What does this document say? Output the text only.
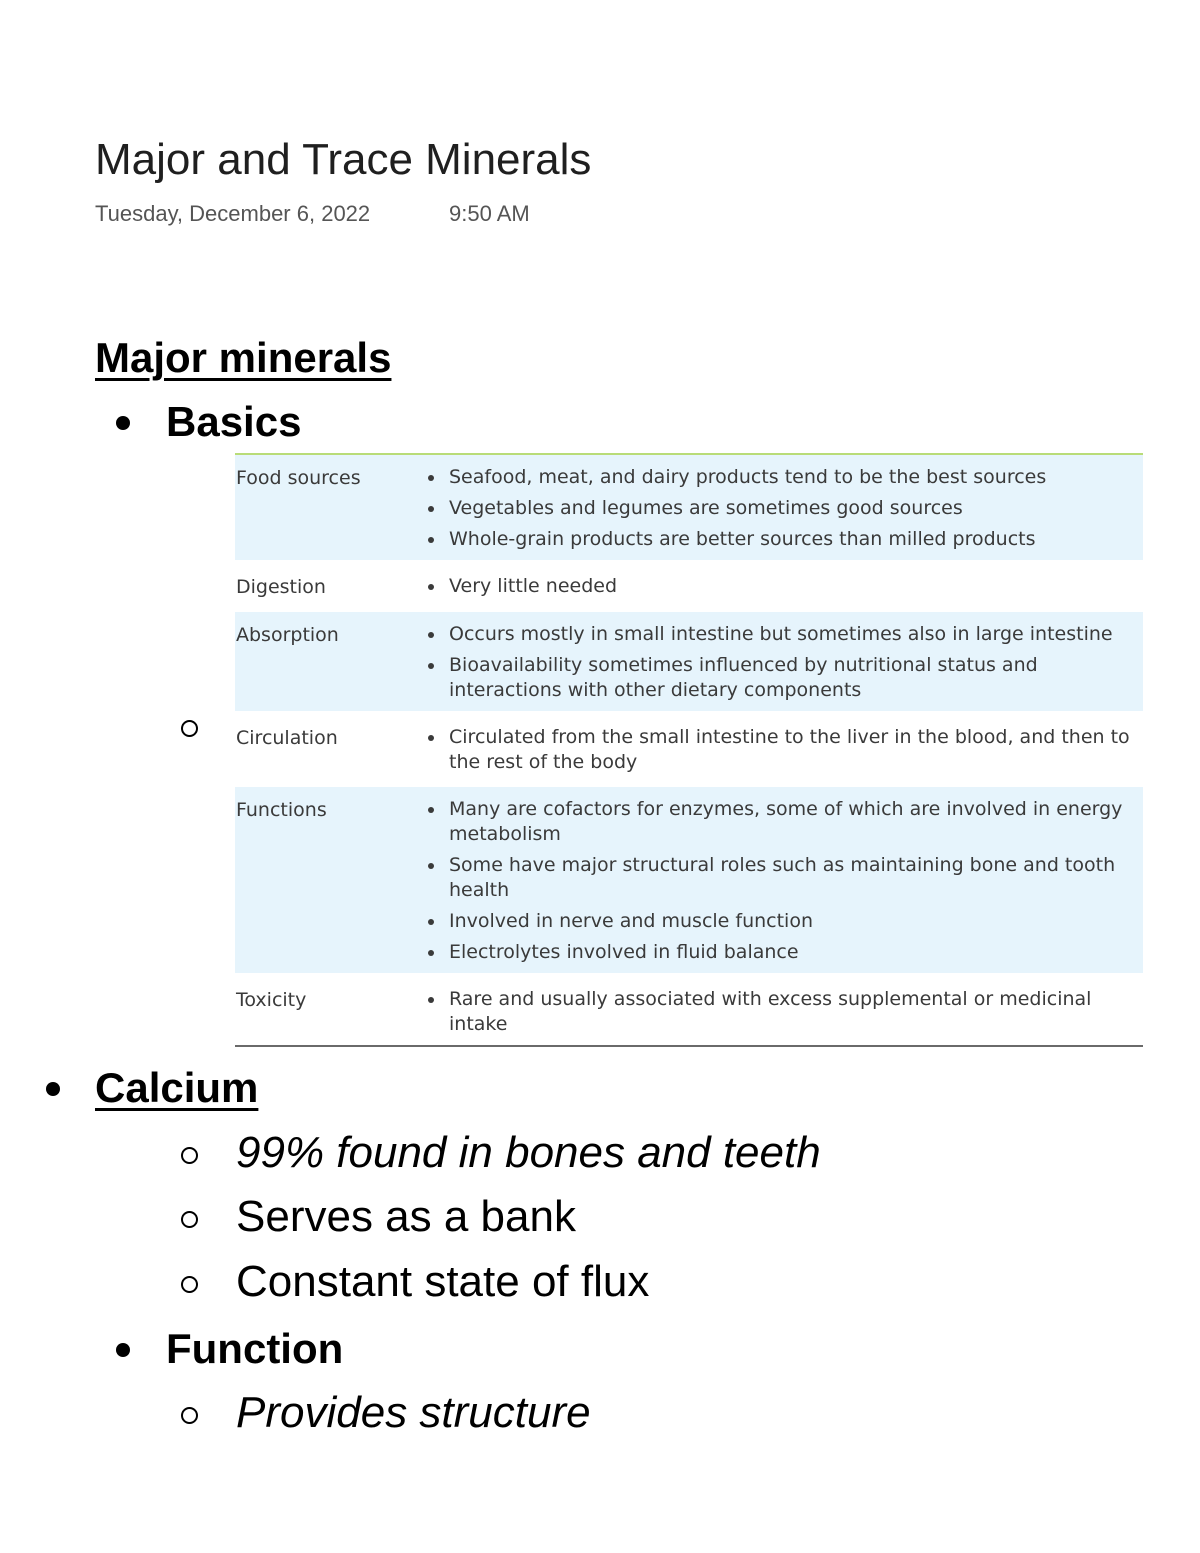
Major and Trace Minerals
Tuesday, December 6, 2022	9:50 AM
Major minerals
Basics
Food sources	Seafood, meat, and dairy products tend to be the best sources
Vegetables and legumes are sometimes good sources
Whole-grain products are better sources than milled products
Digestion	Very little needed
Absorption	Occurs mostly in small intestine but sometimes also in large intestine
Bioavailability sometimes influenced by nutritional status and interactions with other dietary components
Circulation	Circulated from the small intestine to the liver in the blood, and then to the rest of the body
Functions	Many are cofactors for enzymes, some of which are involved in energy metabolism
Some have major structural roles such as maintaining bone and tooth health
Involved in nerve and muscle function
Electrolytes involved in fluid balance
Toxicity	Rare and usually associated with excess supplemental or medicinal intake
Calcium
99% found in bones and teeth
Serves as a bank
Constant state of flux
Function
Provides structure
